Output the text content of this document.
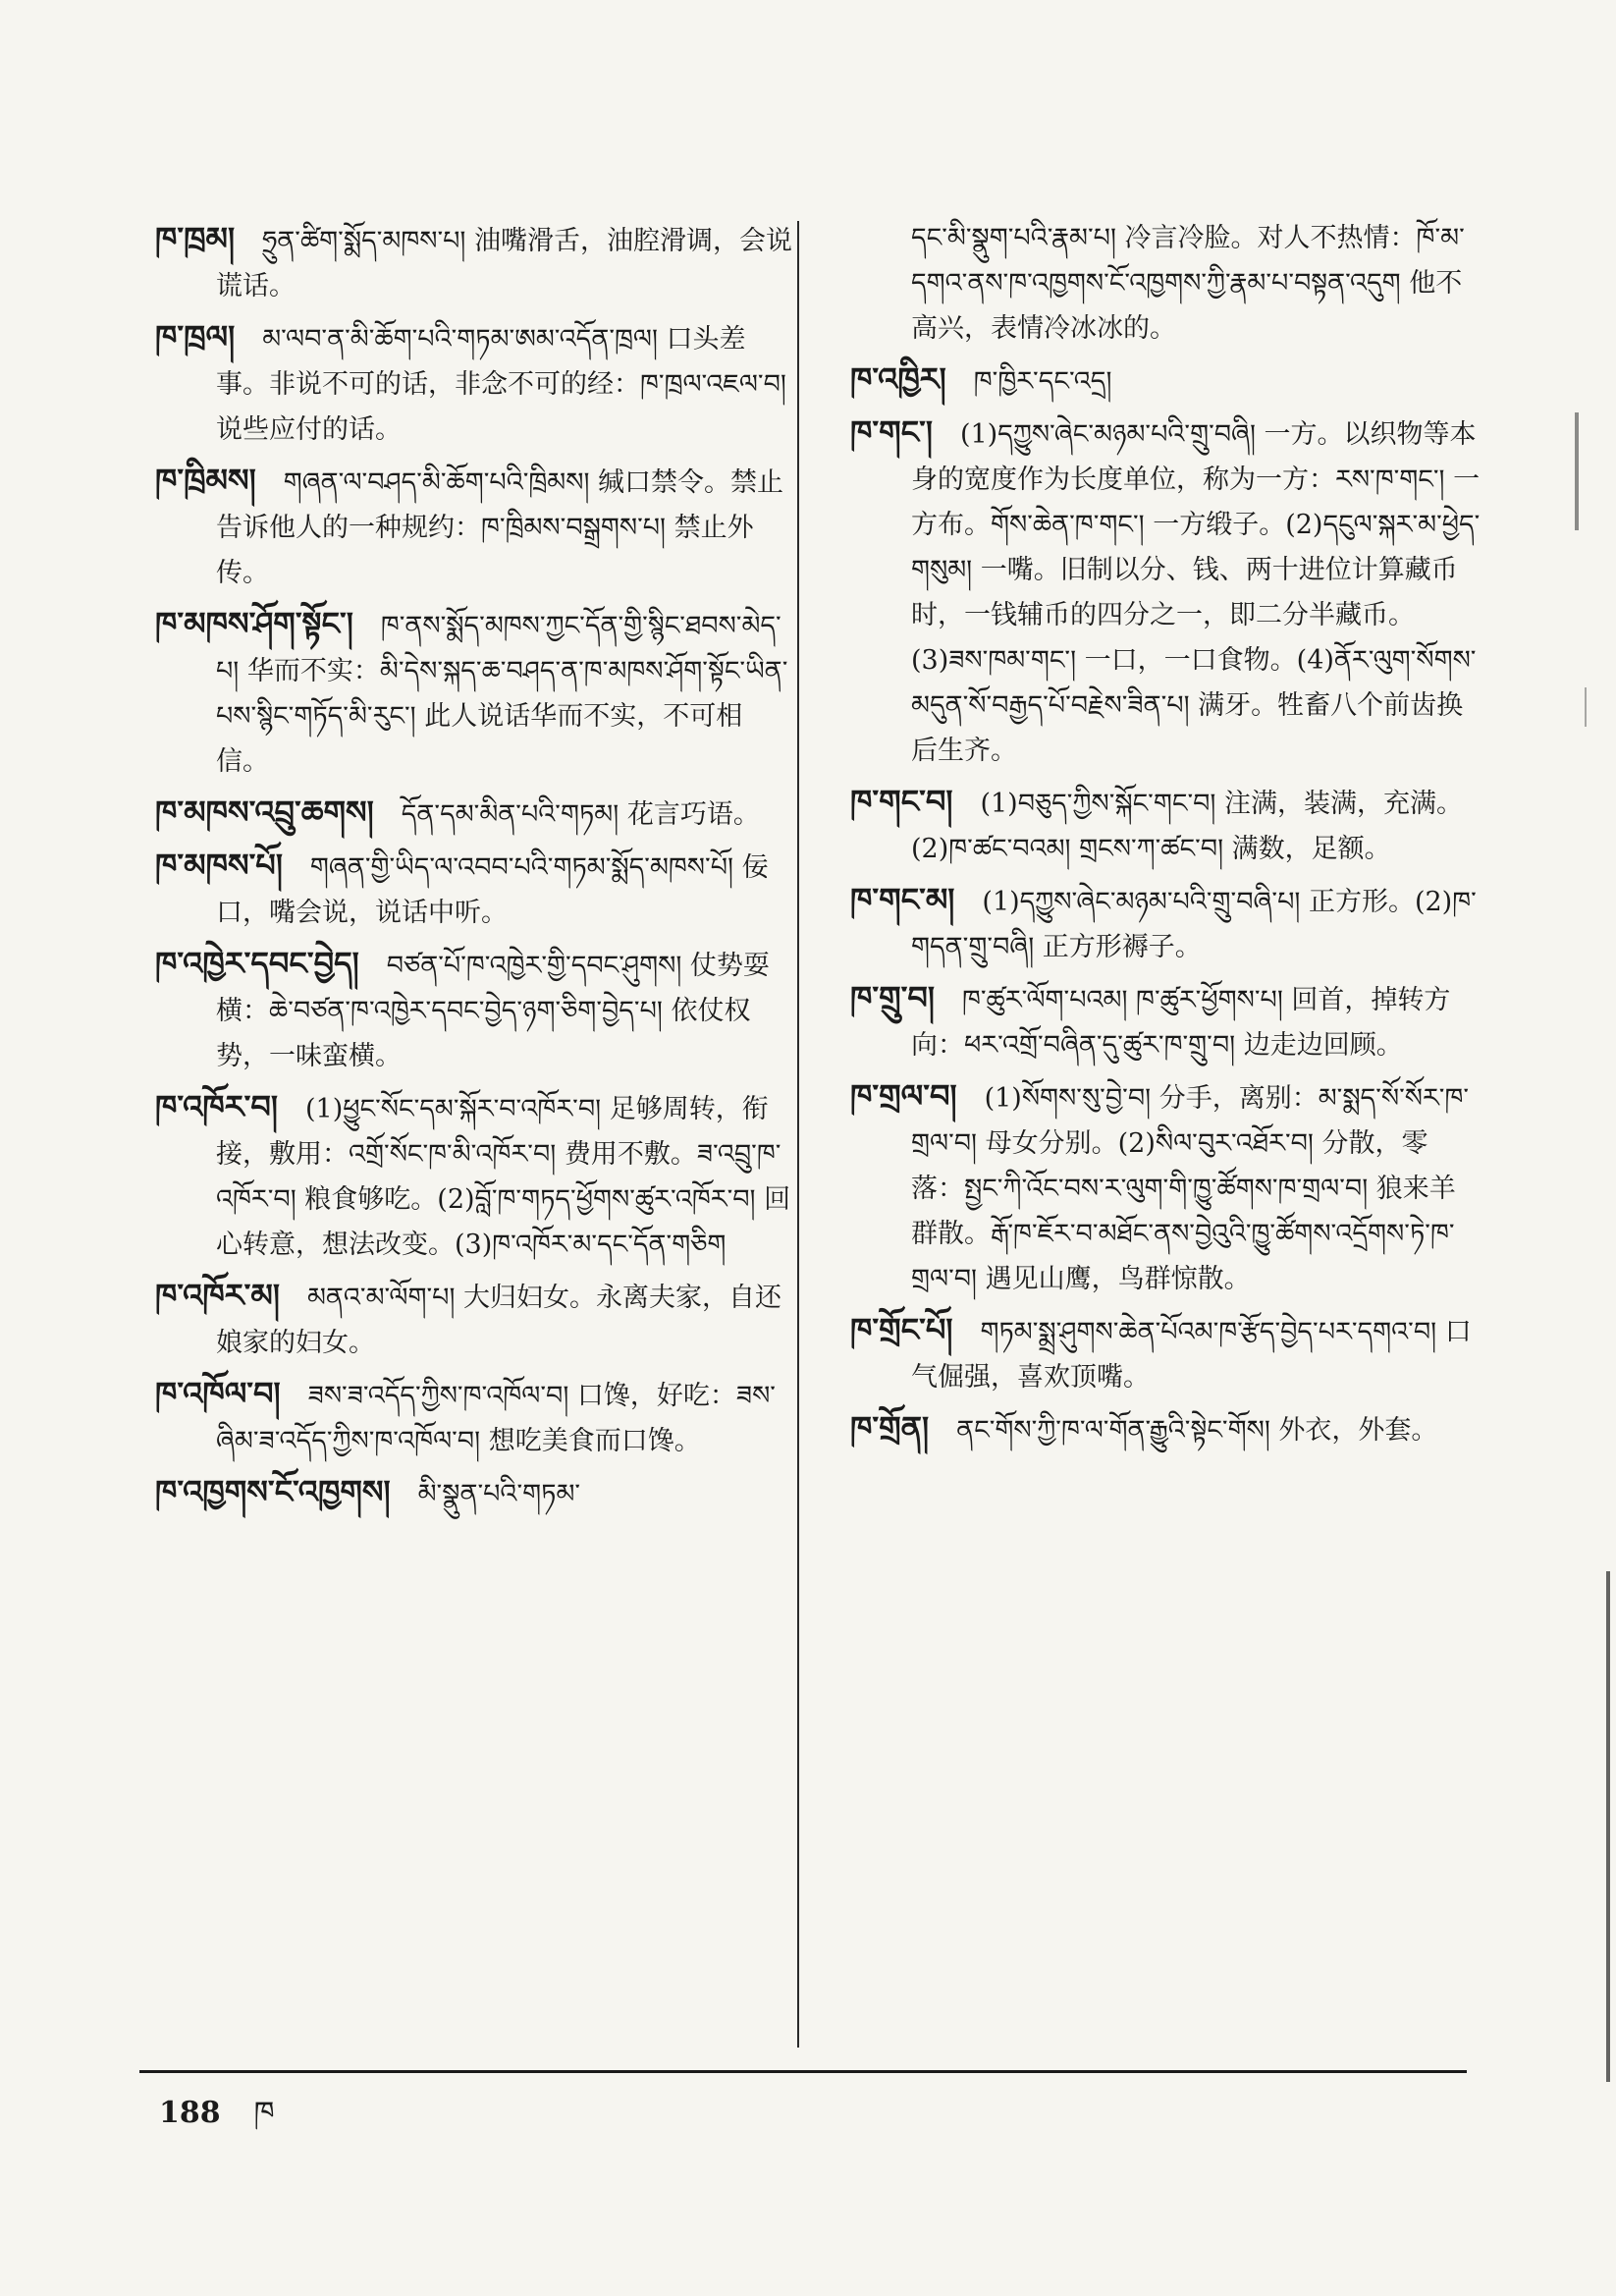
ཁ་ཁྲམ། ཧྲུན་ཚིག་སྨོད་མཁས་པ། 油嘴滑舌，油腔滑调，会说谎话。

ཁ་ཁྲལ། མ་ལབ་ན་མི་ཆོག་པའི་གཏམ་ཨམ་འདོན་ཁྲལ། 口头差事。非说不可的话，非念不可的经：ཁ་ཁྲལ་འཇལ་བ། 说些应付的话。

ཁ་ཁྲིམས། གཞན་ལ་བཤད་མི་ཆོག་པའི་ཁྲིམས། 缄口禁令。禁止告诉他人的一种规约：ཁ་ཁྲིམས་བསྒྲགས་པ། 禁止外传。

ཁ་མཁས་ཤོག་སྟོང་། ཁ་ནས་སྨོད་མཁས་ཀྱང་དོན་གྱི་སྙིང་ཐབས་མེད་པ། 华而不实：མི་དེས་སྐད་ཆ་བཤད་ན་ཁ་མཁས་ཤོག་སྟོང་ཡིན་པས་སྙིང་གཏོད་མི་རུང་། 此人说话华而不实，不可相信。

ཁ་མཁས་འབྲུ་ཆགས། དོན་དམ་མིན་པའི་གཏམ། 花言巧语。

ཁ་མཁས་པོ། གཞན་གྱི་ཡིད་ལ་འབབ་པའི་གཏམ་སྨོད་མཁས་པོ། 佞口，嘴会说，说话中听。

ཁ་འཁྱེར་དབང་བྱེད། བཙན་པོ་ཁ་འཁྱེར་གྱི་དབང་ཤུགས། 仗势耍横：ཆེ་བཙན་ཁ་འཁྱེར་དབང་བྱེད་ཉག་ཅིག་བྱེད་པ། 依仗权势，一味蛮横。

ཁ་འཁོར་བ། (1)ཕྱུང་སོང་དམ་སྐོར་བ་འཁོར་བ། 足够周转，衔接，敷用：འགྲོ་སོང་ཁ་མི་འཁོར་བ། 费用不敷。ཟ་འབྲུ་ཁ་འཁོར་བ། 粮食够吃。(2)བློ་ཁ་གཏད་ཕྱོགས་ཚུར་འཁོར་བ། 回心转意，想法改变。(3)ཁ་འཁོར་མ་དང་དོན་གཅིག

ཁ་འཁོར་མ། མནའ་མ་ལོག་པ། 大归妇女。永离夫家，自还娘家的妇女。

ཁ་འཁོལ་བ། ཟས་ཟ་འདོད་ཀྱིས་ཁ་འཁོལ་བ། 口馋，好吃：ཟས་ཞིམ་ཟ་འདོད་ཀྱིས་ཁ་འཁོལ་བ། 想吃美食而口馋。

ཁ་འཁྱགས་ངོ་འཁྱགས། མི་སྣུན་པའི་གཏམ་

དང་མི་སྣུག་པའི་རྣམ་པ། 冷言冷脸。对人不热情：ཁོ་མ་དགའ་ནས་ཁ་འཁྱགས་ངོ་འཁྱགས་ཀྱི་རྣམ་པ་བསྟན་འདུག 他不高兴，表情冷冰冰的。

ཁ་འཁྱིར། ཁ་ཁྱིར་དང་འདྲ།

ཁ་གང་། (1)དཀྱུས་ཞེང་མཉམ་པའི་གྲུ་བཞི། 一方。以织物等本身的宽度作为长度单位，称为一方：རས་ཁ་གང་། 一方布。གོས་ཆེན་ཁ་གང་། 一方缎子。(2)དངུལ་སྐར་མ་ཕྱེད་གསུམ། 一嘴。旧制以分、钱、两十进位计算藏币时，一钱辅币的四分之一，即二分半藏币。(3)ཟས་ཁམ་གང་། 一口，一口食物。(4)ནོར་ལུག་སོགས་མདུན་སོ་བརྒྱད་པོ་བརྗེས་ཟིན་པ། 满牙。牲畜八个前齿换后生齐。

ཁ་གང་བ། (1)བཅུད་ཀྱིས་སྐོང་གང་བ། 注满，装满，充满。(2)ཁ་ཚང་བའམ། གྲངས་ཀ་ཚང་བ། 满数，足额。

ཁ་གང་མ། (1)དཀྱུས་ཞེང་མཉམ་པའི་གྲུ་བཞི་པ། 正方形。(2)ཁ་གདན་གྲུ་བཞི། 正方形褥子。

ཁ་གྲུ་བ། ཁ་ཚུར་ལོག་པའམ། ཁ་ཚུར་ཕྱོགས་པ། 回首，掉转方向：ཕར་འགྲོ་བཞིན་དུ་ཚུར་ཁ་གྲུ་བ། 边走边回顾。

ཁ་གྲལ་བ། (1)སོགས་སུ་བྱེ་བ། 分手，离别：མ་སྨད་སོ་སོར་ཁ་གྲལ་བ། 母女分别。(2)སིལ་བུར་འཐོར་བ། 分散，零落：སྤྱང་ཀི་འོང་བས་ར་ལུག་གི་ཁྱུ་ཚོགས་ཁ་གྲལ་བ། 狼来羊群散。རྒོ་ཁ་ཇོར་བ་མཐོང་ནས་བྱེའུའི་ཁྱུ་ཚོགས་འདྲོགས་ཏེ་ཁ་གྲལ་བ། 遇见山鹰，鸟群惊散。

ཁ་གྲོང་པོ། གཏམ་སྨྲ་ཤུགས་ཆེན་པོའམ་ཁ་རྩོད་བྱེད་པར་དགའ་བ། 口气倔强，喜欢顶嘴。

ཁ་གྲོན། ནང་གོས་ཀྱི་ཁ་ལ་གོན་རྒྱུའི་སྟེང་གོས། 外衣，外套。

188 ཁ
